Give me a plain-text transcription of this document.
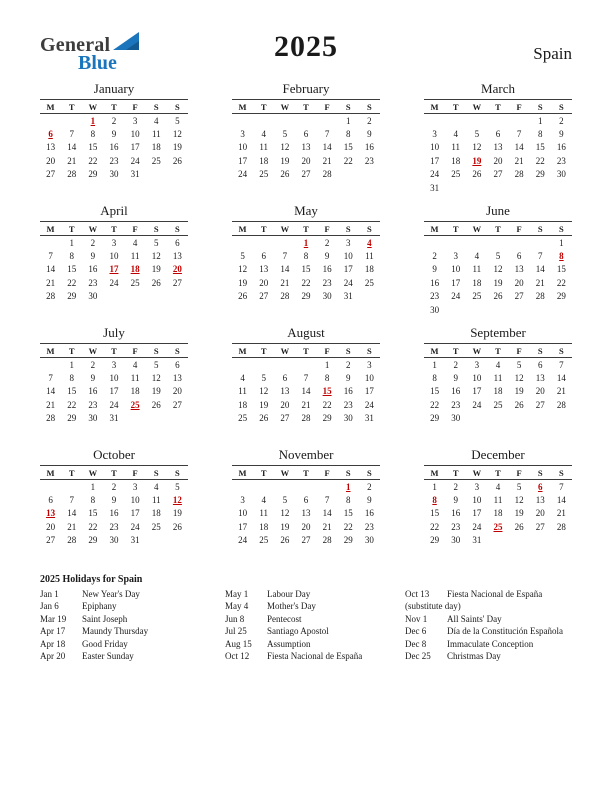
General
Blue	2025	Spain
January
M	T	W	T	F	S	S
		1	2	3	4	5
6	7	8	9	10	11	12
13	14	15	16	17	18	19
20	21	22	23	24	25	26
27	28	29	30	31		
February
M	T	W	T	F	S	S
					1	2
3	4	5	6	7	8	9
10	11	12	13	14	15	16
17	18	19	20	21	22	23
24	25	26	27	28		
March
M	T	W	T	F	S	S
					1	2
3	4	5	6	7	8	9
10	11	12	13	14	15	16
17	18	19	20	21	22	23
24	25	26	27	28	29	30
31						
April
M	T	W	T	F	S	S
	1	2	3	4	5	6
7	8	9	10	11	12	13
14	15	16	17	18	19	20
21	22	23	24	25	26	27
28	29	30				
May
M	T	W	T	F	S	S
			1	2	3	4
5	6	7	8	9	10	11
12	13	14	15	16	17	18
19	20	21	22	23	24	25
26	27	28	29	30	31	
June
M	T	W	T	F	S	S
						1
2	3	4	5	6	7	8
9	10	11	12	13	14	15
16	17	18	19	20	21	22
23	24	25	26	27	28	29
30						
July
M	T	W	T	F	S	S
	1	2	3	4	5	6
7	8	9	10	11	12	13
14	15	16	17	18	19	20
21	22	23	24	25	26	27
28	29	30	31			
August
M	T	W	T	F	S	S
				1	2	3
4	5	6	7	8	9	10
11	12	13	14	15	16	17
18	19	20	21	22	23	24
25	26	27	28	29	30	31
September
M	T	W	T	F	S	S
1	2	3	4	5	6	7
8	9	10	11	12	13	14
15	16	17	18	19	20	21
22	23	24	25	26	27	28
29	30					
October
M	T	W	T	F	S	S
		1	2	3	4	5
6	7	8	9	10	11	12
13	14	15	16	17	18	19
20	21	22	23	24	25	26
27	28	29	30	31		
November
M	T	W	T	F	S	S
					1	2
3	4	5	6	7	8	9
10	11	12	13	14	15	16
17	18	19	20	21	22	23
24	25	26	27	28	29	30
December
M	T	W	T	F	S	S
1	2	3	4	5	6	7
8	9	10	11	12	13	14
15	16	17	18	19	20	21
22	23	24	25	26	27	28
29	30	31				
2025 Holidays for Spain
Jan 1	New Year's Day
Jan 6	Epiphany
Mar 19	Saint Joseph
Apr 17	Maundy Thursday
Apr 18	Good Friday
Apr 20	Easter Sunday
May 1	Labour Day
May 4	Mother's Day
Jun 8	Pentecost
Jul 25	Santiago Apostol
Aug 15	Assumption
Oct 12	Fiesta Nacional de España
Oct 13	Fiesta Nacional de España
(substitute day)
Nov 1	All Saints' Day
Dec 6	Día de la Constitución Española
Dec 8	Immaculate Conception
Dec 25	Christmas Day
